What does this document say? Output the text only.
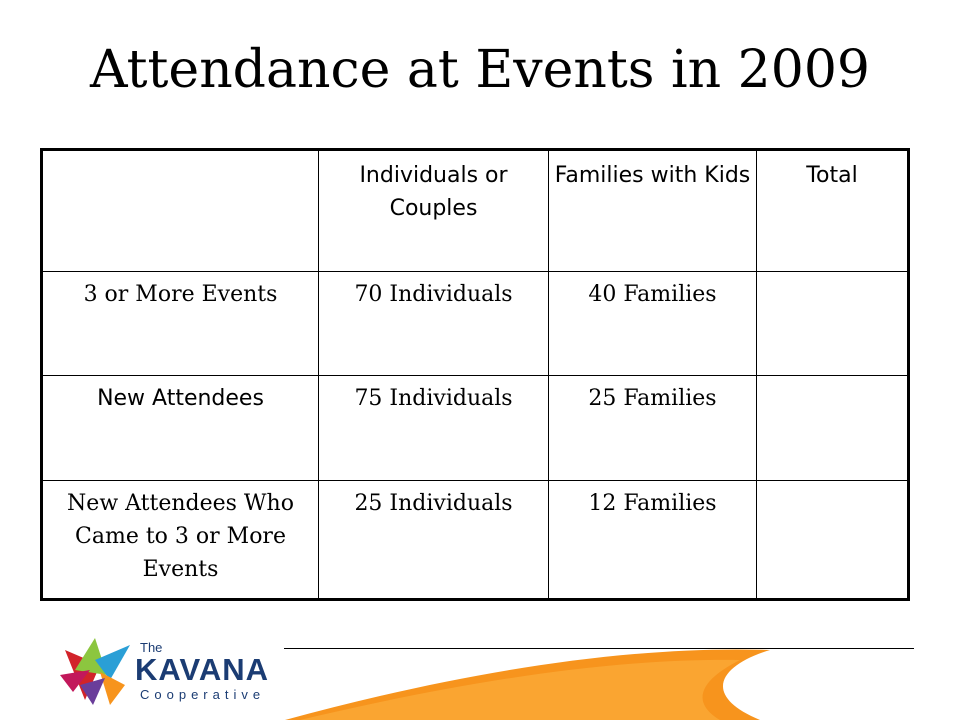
Attendance at Events in 2009
	Individuals or Couples	Families with Kids	Total
3 or More Events	70 Individuals	40 Families	
New Attendees	75 Individuals	25 Families	
New Attendees Who Came to 3 or More Events	25 Individuals	12 Families	
The
KAVANA
Cooperative
